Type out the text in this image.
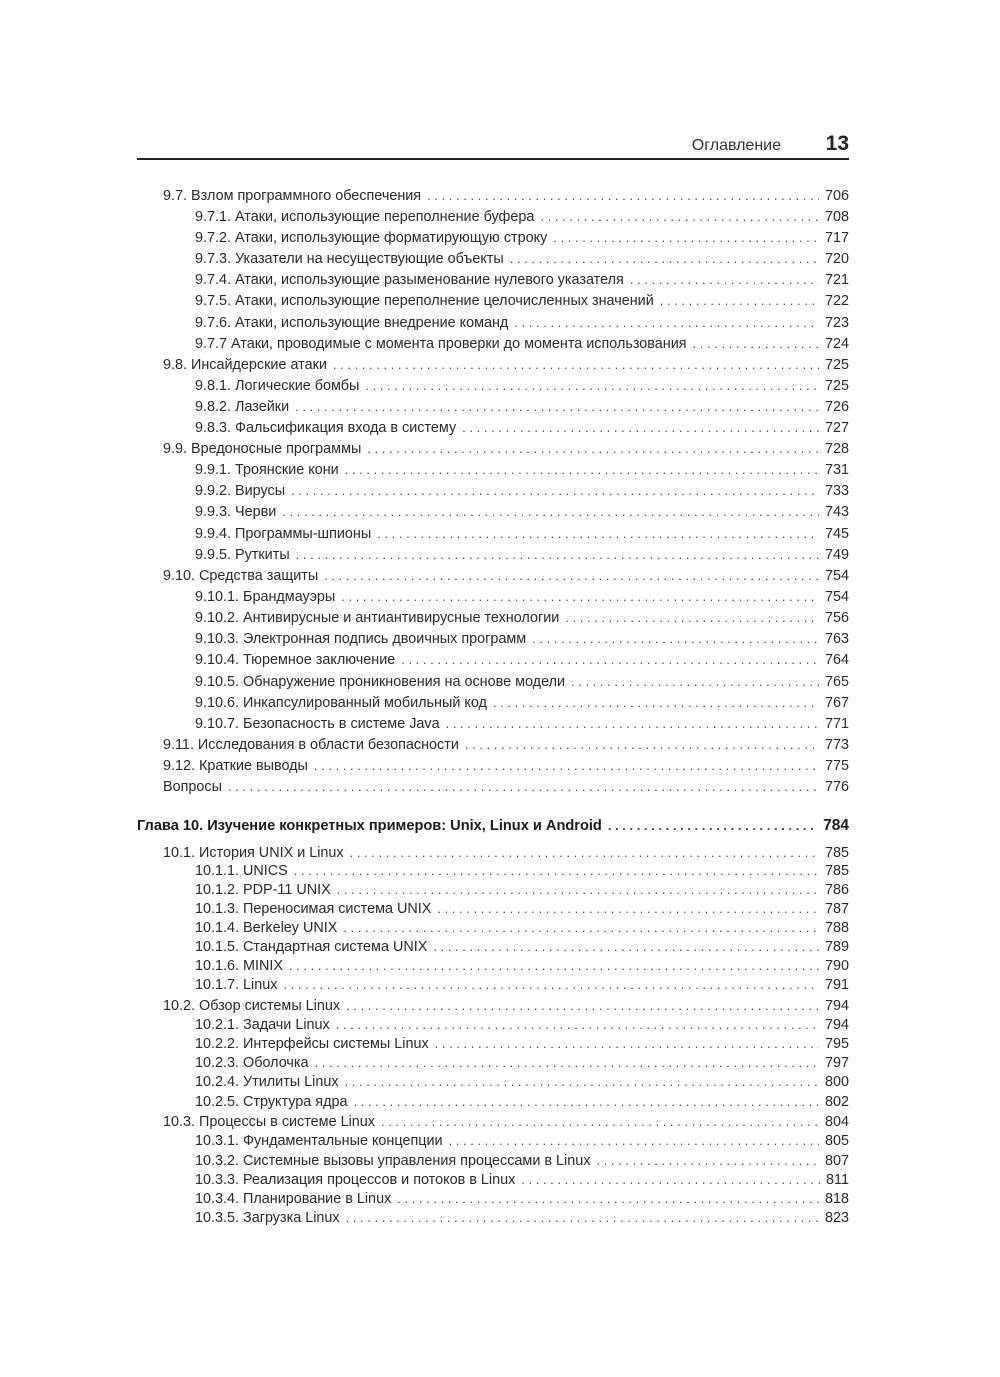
Оглавление 13
9.7. Взлом программного обеспечения . . .	706
9.7.1. Атаки, использующие переполнение буфера . . .	708
9.7.2. Атаки, использующие форматирующую строку . . .	717
9.7.3. Указатели на несуществующие объекты . . .	720
9.7.4. Атаки, использующие разыменование нулевого указателя . . .	721
9.7.5. Атаки, использующие переполнение целочисленных значений . . .	722
9.7.6. Атаки, использующие внедрение команд . . .	723
9.7.7 Атаки, проводимые с момента проверки до момента использования . . .	724
9.8. Инсайдерские атаки . . .	725
9.8.1. Логические бомбы . . .	725
9.8.2. Лазейки . . .	726
9.8.3. Фальсификация входа в систему . . .	727
9.9. Вредоносные программы . . .	728
9.9.1. Троянские кони . . .	731
9.9.2. Вирусы . . .	733
9.9.3. Черви . . .	743
9.9.4. Программы-шпионы . . .	745
9.9.5. Руткиты . . .	749
9.10. Средства защиты . . .	754
9.10.1. Брандмауэры . . .	754
9.10.2. Антивирусные и антиантивирусные технологии . . .	756
9.10.3. Электронная подпись двоичных программ . . .	763
9.10.4. Тюремное заключение . . .	764
9.10.5. Обнаружение проникновения на основе модели . . .	765
9.10.6. Инкапсулированный мобильный код . . .	767
9.10.7. Безопасность в системе Java . . .	771
9.11. Исследования в области безопасности . . .	773
9.12. Краткие выводы . . .	775
Вопросы . . .	776
Глава 10. Изучение конкретных примеров: Unix, Linux и Android . . .	784
10.1. История UNIX и Linux . . .	785
10.1.1. UNICS . . .	785
10.1.2. PDP-11 UNIX . . .	786
10.1.3. Переносимая система UNIX . . .	787
10.1.4. Berkeley UNIX . . .	788
10.1.5. Стандартная система UNIX . . .	789
10.1.6. MINIX . . .	790
10.1.7. Linux . . .	791
10.2. Обзор системы Linux . . .	794
10.2.1. Задачи Linux . . .	794
10.2.2. Интерфейсы системы Linux . . .	795
10.2.3. Оболочка . . .	797
10.2.4. Утилиты Linux . . .	800
10.2.5. Структура ядра . . .	802
10.3. Процессы в системе Linux . . .	804
10.3.1. Фундаментальные концепции . . .	805
10.3.2. Системные вызовы управления процессами в Linux . . .	807
10.3.3. Реализация процессов и потоков в Linux . . .	811
10.3.4. Планирование в Linux . . .	818
10.3.5. Загрузка Linux . . .	823
